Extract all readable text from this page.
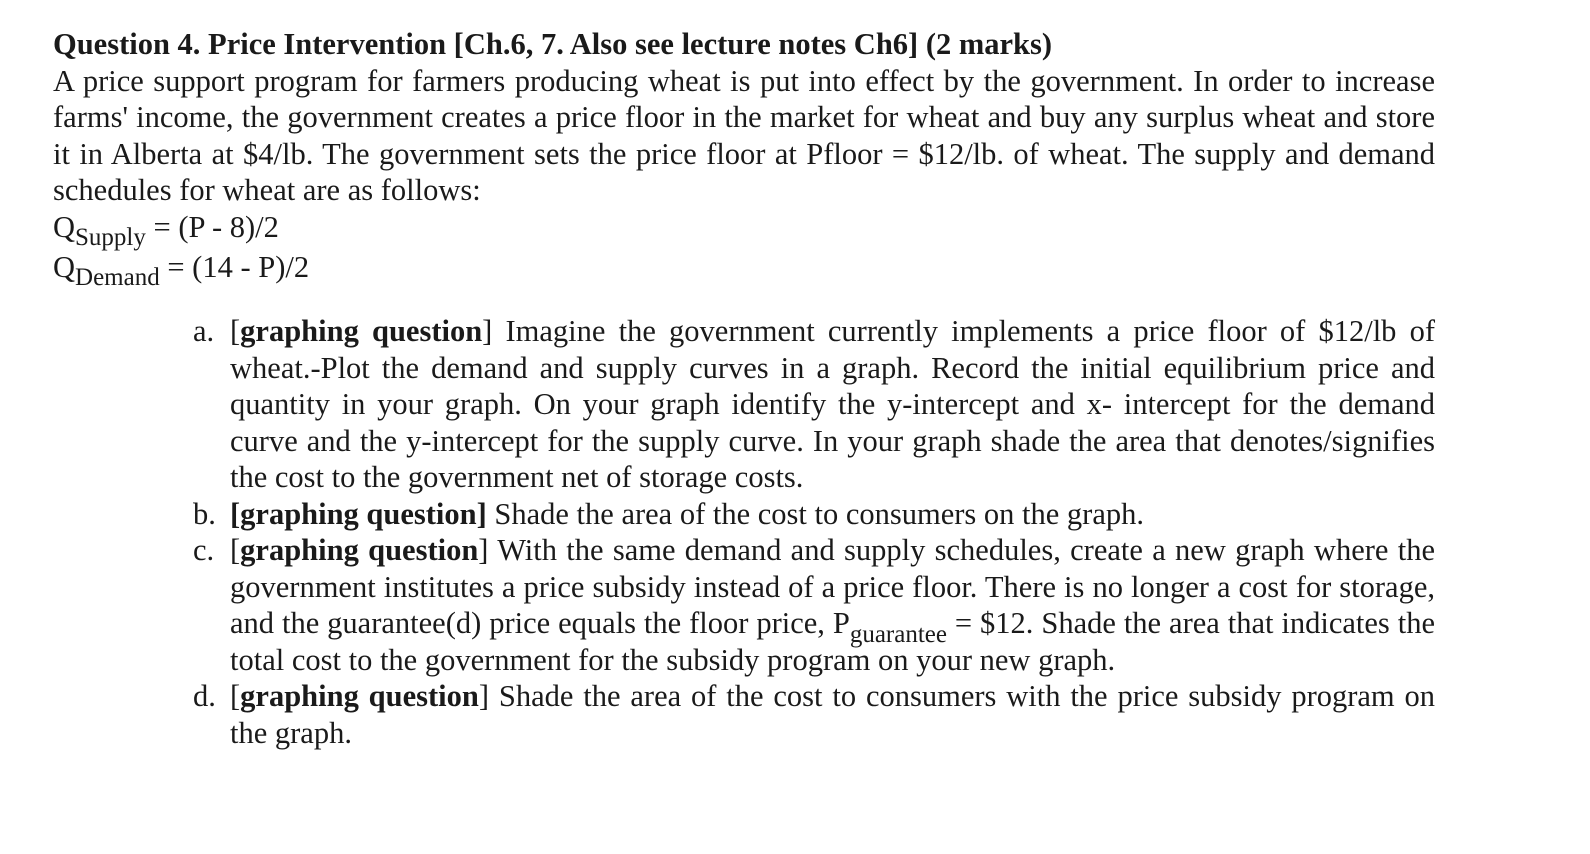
Question 4. Price Intervention [Ch.6, 7. Also see lecture notes Ch6] (2 marks)
A price support program for farmers producing wheat is put into effect by the government. In order to increase farms' income, the government creates a price floor in the market for wheat and buy any surplus wheat and store it in Alberta at $4/lb. The government sets the price floor at Pfloor = $12/lb. of wheat. The supply and demand schedules for wheat are as follows:
$Q_{Supply} = (P - 8)/2$
$Q_{Demand} = (14 - P)/2$
a. [graphing question] Imagine the government currently implements a price floor of $12/lb of wheat.-Plot the demand and supply curves in a graph. Record the initial equilibrium price and quantity in your graph. On your graph identify the y-intercept and x- intercept for the demand curve and the y-intercept for the supply curve. In your graph shade the area that denotes/signifies the cost to the government net of storage costs.
b. [graphing question] Shade the area of the cost to consumers on the graph.
c. [graphing question] With the same demand and supply schedules, create a new graph where the government institutes a price subsidy instead of a price floor. There is no longer a cost for storage, and the guarantee(d) price equals the floor price, $P_{guarantee}$ = $12. Shade the area that indicates the total cost to the government for the subsidy program on your new graph.
d. [graphing question] Shade the area of the cost to consumers with the price subsidy program on the graph.
